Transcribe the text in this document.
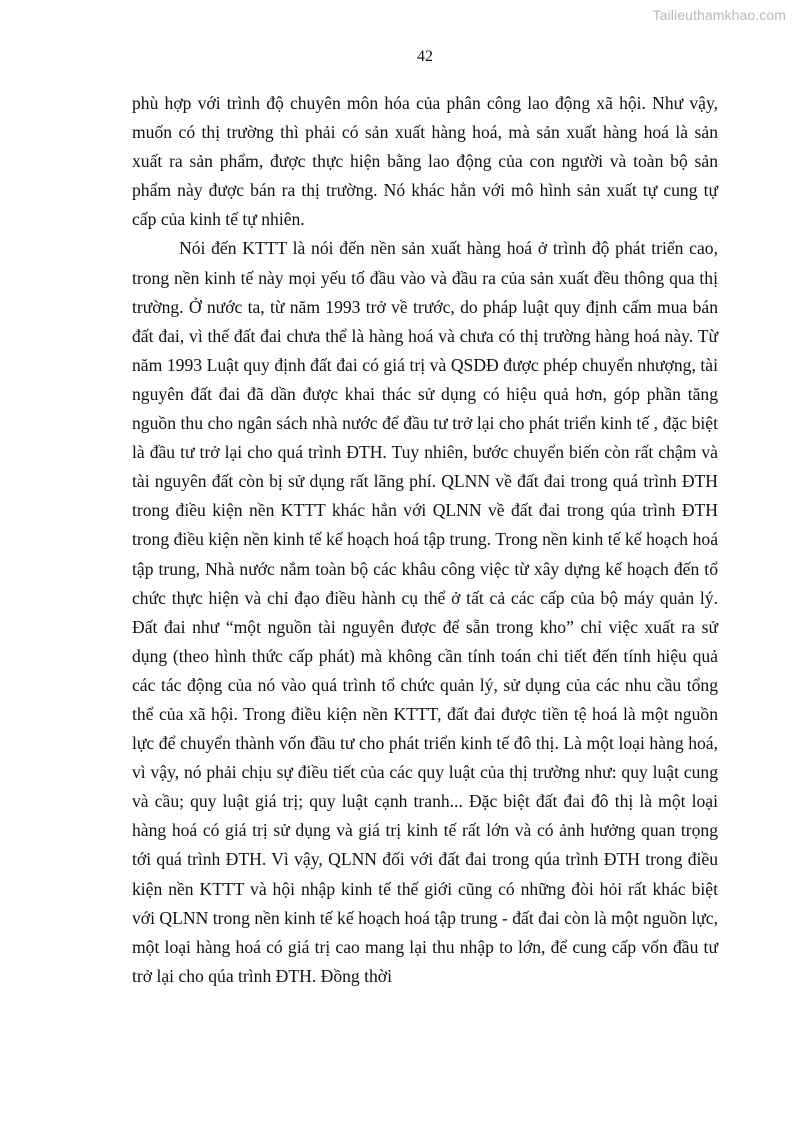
Tailieuthamkhao.com
42

phù hợp với trình độ chuyên môn hóa của phân công lao động xã hội. Như vậy, muốn có thị trường thì phải có sản xuất hàng hoá, mà sản xuất hàng hoá là sản xuất ra sản phẩm, được thực hiện bằng lao động của con người và toàn bộ sản phẩm này được bán ra thị trường. Nó khác hẳn với mô hình sản xuất tự cung tự cấp của kinh tế tự nhiên.

Nói đến KTTT là nói đến nền sản xuất hàng hoá ở trình độ phát triển cao, trong nền kinh tế này mọi yếu tố đầu vào và đầu ra của sản xuất đều thông qua thị trường. Ở nước ta, từ năm 1993 trở về trước, do pháp luật quy định cấm mua bán đất đai, vì thế đất đai chưa thể là hàng hoá và chưa có thị trường hàng hoá này. Từ năm 1993 Luật quy định đất đai có giá trị và QSDĐ được phép chuyển nhượng, tài nguyên đất đai đã dần được khai thác sử dụng có hiệu quả hơn, góp phần tăng nguồn thu cho ngân sách nhà nước để đầu tư trở lại cho phát triển kinh tế , đặc biệt là đầu tư trở lại cho quá trình ĐTH. Tuy nhiên, bước chuyển biến còn rất chậm và tài nguyên đất còn bị sử dụng rất lãng phí. QLNN về đất đai trong quá trình ĐTH trong điều kiện nền KTTT khác hẳn với QLNN về đất đai trong qúa trình ĐTH trong điều kiện nền kinh tế kế hoạch hoá tập trung. Trong nền kinh tế kế hoạch hoá tập trung, Nhà nước nắm toàn bộ các khâu công việc từ xây dựng kế hoạch đến tổ chức thực hiện và chỉ đạo điều hành cụ thể ở tất cả các cấp của bộ máy quản lý. Đất đai như “một nguồn tài nguyên được để sẵn trong kho” chỉ việc xuất ra sử dụng (theo hình thức cấp phát) mà không cần tính toán chi tiết đến tính hiệu quả các tác động của nó vào quá trình tổ chức quản lý, sử dụng của các nhu cầu tổng thể của xã hội. Trong điều kiện nền KTTT, đất đai được tiền tệ hoá là một nguồn lực để chuyển thành vốn đầu tư cho phát triển kinh tế đô thị. Là một loại hàng hoá, vì vậy, nó phải chịu sự điều tiết của các quy luật của thị trường như: quy luật cung và cầu; quy luật giá trị; quy luật cạnh tranh... Đặc biệt đất đai đô thị là một loại hàng hoá có giá trị sử dụng và giá trị kinh tế rất lớn và có ảnh hưởng quan trọng tới quá trình ĐTH. Vì vậy, QLNN đối với đất đai trong qúa trình ĐTH trong điều kiện nền KTTT và hội nhập kinh tế thế giới cũng có những đòi hỏi rất khác biệt với QLNN trong nền kinh tế kế hoạch hoá tập trung - đất đai còn là một nguồn lực, một loại hàng hoá có giá trị cao mang lại thu nhập to lớn, để cung cấp vốn đầu tư trở lại cho qúa trình ĐTH. Đồng thời
